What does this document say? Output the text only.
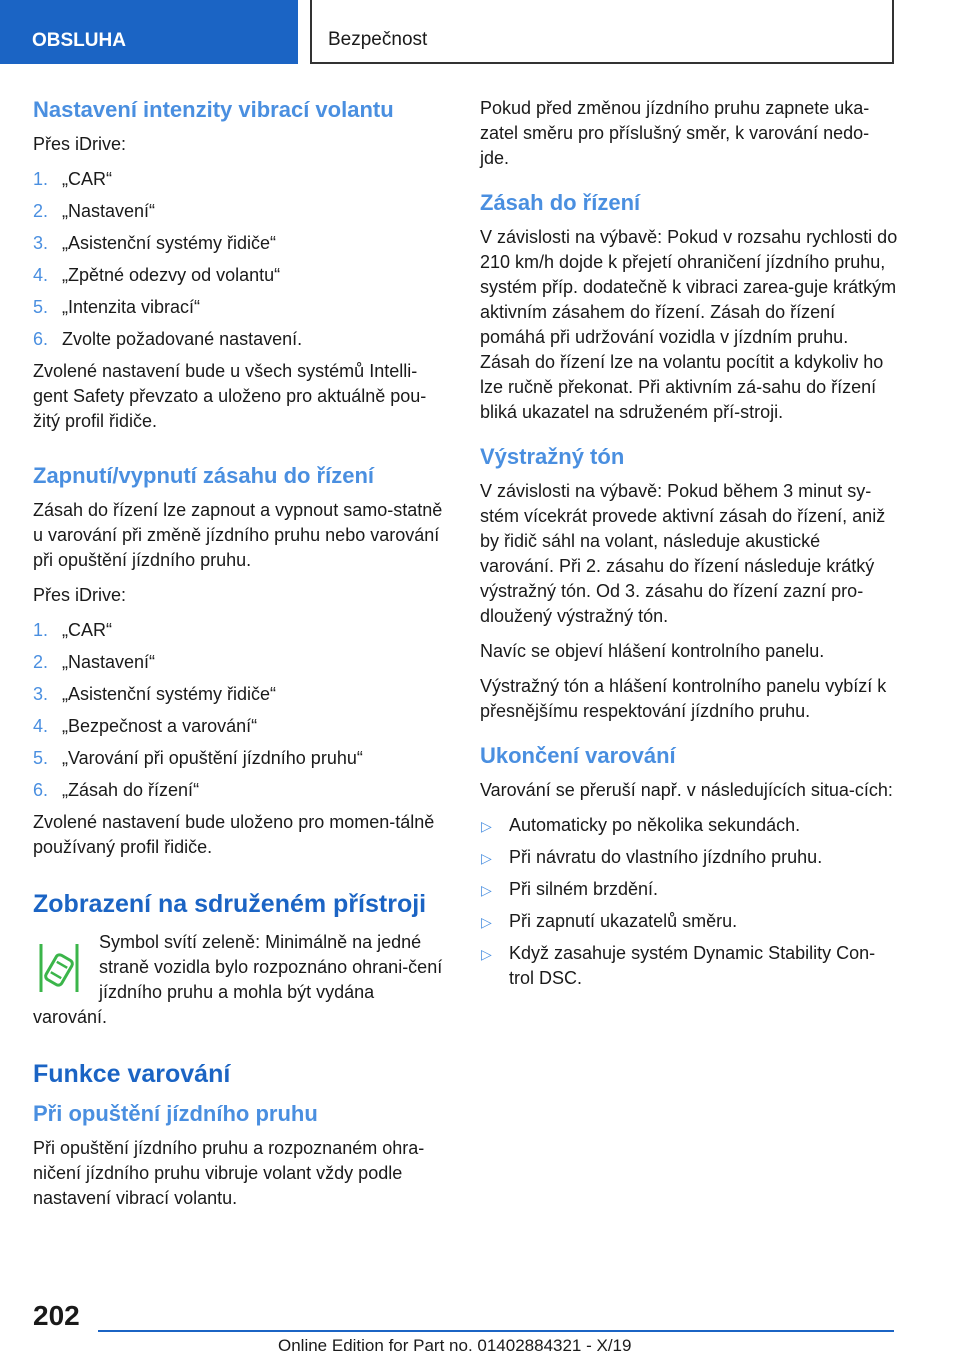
OBSLUHA	Bezpečnost
Nastavení intenzity vibrací volantu

Přes iDrive:

1. „CAR“
2. „Nastavení“
3. „Asistenční systémy řidiče“
4. „Zpětné odezvy od volantu“
5. „Intenzita vibrací“
6. Zvolte požadované nastavení.

Zvolené nastavení bude u všech systémů Intelli-gent Safety převzato a uloženo pro aktuálně pou-žitý profil řidiče.

Zapnutí/vypnutí zásahu do řízení

Zásah do řízení lze zapnout a vypnout samo-statně u varování při změně jízdního pruhu nebo varování při opuštění jízdního pruhu.

Přes iDrive:

1. „CAR“
2. „Nastavení“
3. „Asistenční systémy řidiče“
4. „Bezpečnost a varování“
5. „Varování při opuštění jízdního pruhu“
6. „Zásah do řízení“

Zvolené nastavení bude uloženo pro momen-tálně používaný profil řidiče.

Zobrazení na sdruženém přístroji

Symbol svítí zeleně: Minimálně na jedné straně vozidla bylo rozpoznáno ohrani-čení jízdního pruhu a mohla být vydána varování.

Funkce varování
Při opuštění jízdního pruhu

Při opuštění jízdního pruhu a rozpoznaném ohra-ničení jízdního pruhu vibruje volant vždy podle nastavení vibrací volantu.

Pokud před změnou jízdního pruhu zapnete uka-zatel směru pro příslušný směr, k varování nedo-jde.

Zásah do řízení

V závislosti na výbavě: Pokud v rozsahu rychlosti do 210 km/h dojde k přejetí ohraničení jízdního pruhu, systém příp. dodatečně k vibraci zarea-guje krátkým aktivním zásahem do řízení. Zásah do řízení pomáhá při udržování vozidla v jízdním pruhu. Zásah do řízení lze na volantu pocítit a kdykoliv ho lze ručně překonat. Při aktivním zá-sahu do řízení bliká ukazatel na sdruženém pří-stroji.

Výstražný tón

V závislosti na výbavě: Pokud během 3 minut sy-stém vícekrát provede aktivní zásah do řízení, aniž by řidič sáhl na volant, následuje akustické varování. Při 2. zásahu do řízení následuje krátký výstražný tón. Od 3. zásahu do řízení zazní pro-dloužený výstražný tón.

Navíc se objeví hlášení kontrolního panelu.

Výstražný tón a hlášení kontrolního panelu vybízí k přesnějšímu respektování jízdního pruhu.

Ukončení varování

Varování se přeruší např. v následujících situa-cích:

▷ Automaticky po několika sekundách.
▷ Při návratu do vlastního jízdního pruhu.
▷ Při silném brzdění.
▷ Při zapnutí ukazatelů směru.
▷ Když zasahuje systém Dynamic Stability Con-trol DSC.
202
Online Edition for Part no. 01402884321 - X/19
